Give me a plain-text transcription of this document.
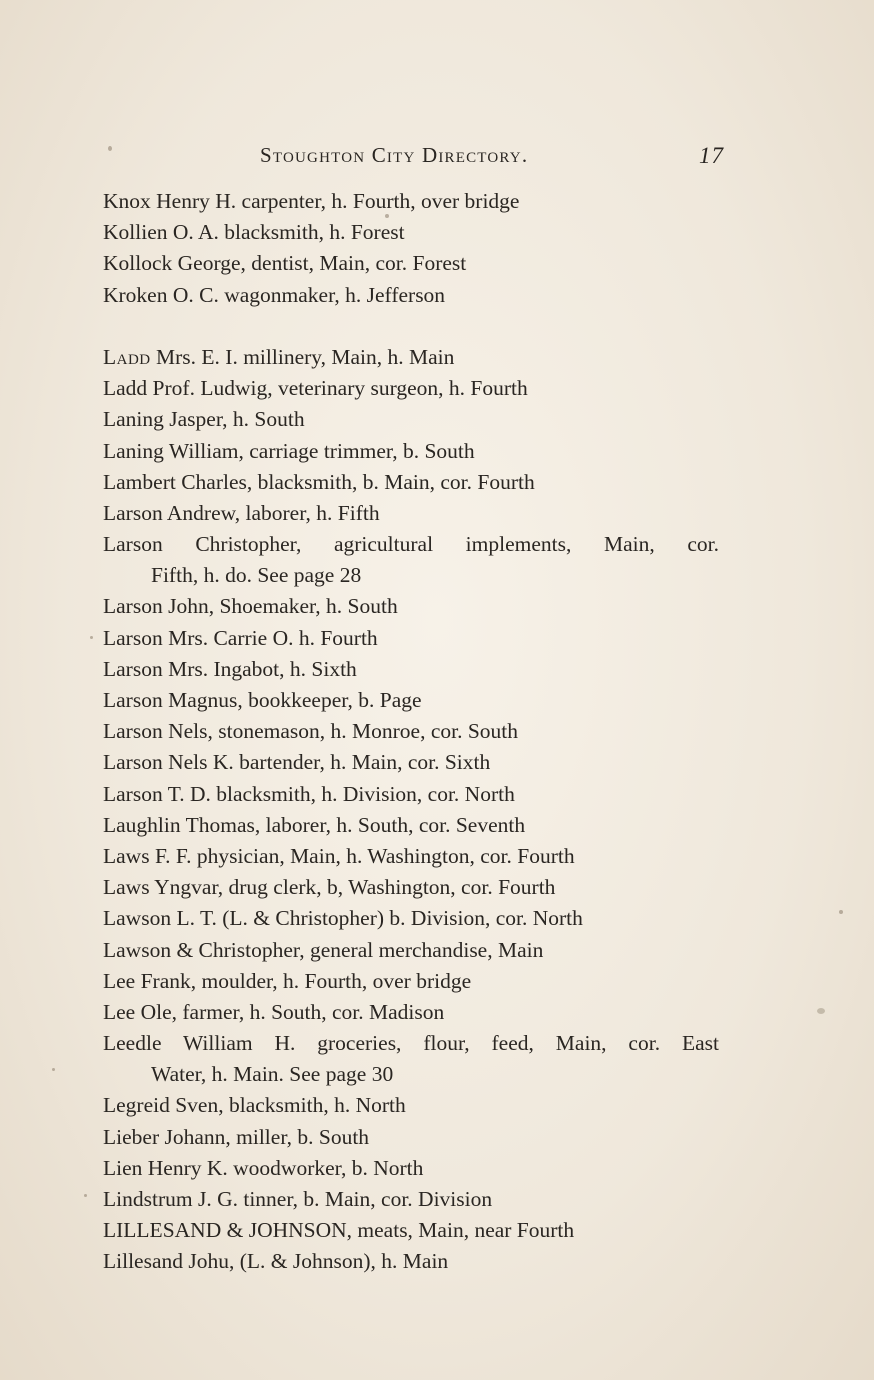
Stoughton City Directory.	17
Knox Henry H. carpenter, h. Fourth, over bridge
Kollien O. A. blacksmith, h. Forest
Kollock George, dentist, Main, cor. Forest
Kroken O. C. wagonmaker, h. Jefferson
Ladd Mrs. E. I. millinery, Main, h. Main
Ladd Prof. Ludwig, veterinary surgeon, h. Fourth
Laning Jasper, h. South
Laning William, carriage trimmer, b. South
Lambert Charles, blacksmith, b. Main, cor. Fourth
Larson Andrew, laborer, h. Fifth
Larson Christopher, agricultural implements, Main, cor.
Fifth, h. do. See page 28
Larson John, Shoemaker, h. South
Larson Mrs. Carrie O. h. Fourth
Larson Mrs. Ingabot, h. Sixth
Larson Magnus, bookkeeper, b. Page
Larson Nels, stonemason, h. Monroe, cor. South
Larson Nels K. bartender, h. Main, cor. Sixth
Larson T. D. blacksmith, h. Division, cor. North
Laughlin Thomas, laborer, h. South, cor. Seventh
Laws F. F. physician, Main, h. Washington, cor. Fourth
Laws Yngvar, drug clerk, b, Washington, cor. Fourth
Lawson L. T. (L. & Christopher) b. Division, cor. North
Lawson & Christopher, general merchandise, Main
Lee Frank, moulder, h. Fourth, over bridge
Lee Ole, farmer, h. South, cor. Madison
Leedle William H. groceries, flour, feed, Main, cor. East
Water, h. Main. See page 30
Legreid Sven, blacksmith, h. North
Lieber Johann, miller, b. South
Lien Henry K. woodworker, b. North
Lindstrum J. G. tinner, b. Main, cor. Division
LILLESAND & JOHNSON, meats, Main, near Fourth
Lillesand Johu, (L. & Johnson), h. Main
